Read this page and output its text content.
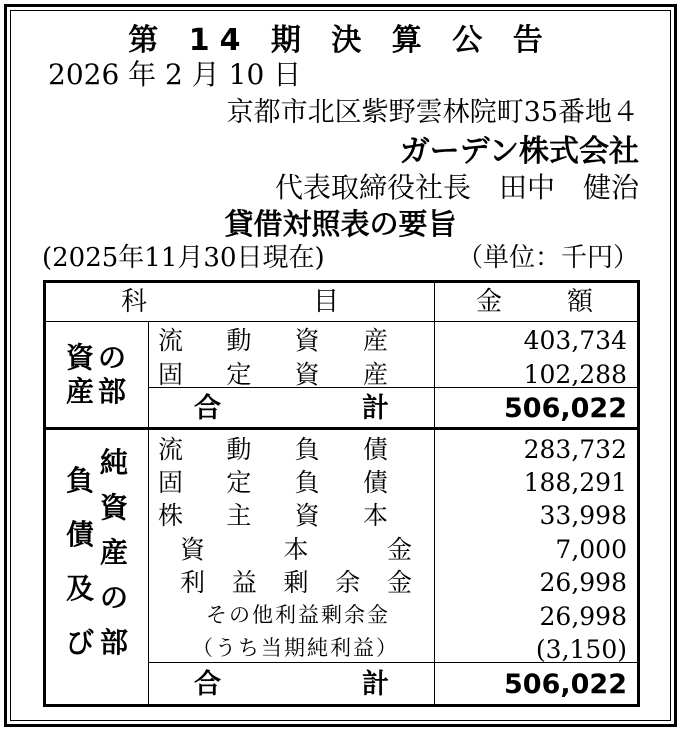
第 14 期 決 算 公 告
2026 年 2 月 10 日
京都市北区紫野雲林院町35番地４
ガーデン株式会社
代表取締役社長　田中　健治
貸借対照表の要旨
(2025年11月30日現在)	（単位：千円）
科	目	金 額
資 の
産 部
流 動 資 産	403,734
固 定 資 産	102,288
合	計	506,022
負
債
及
び
純
資
産
の
部
流 動 負 債	283,732
固 定 負 債	188,291
株 主 資 本	33,998
資	本	金	7,000
利 益 剰 余 金	26,998
その他利益剰余金	26,998
（うち当期純利益）	(3,150)
合	計	506,022
